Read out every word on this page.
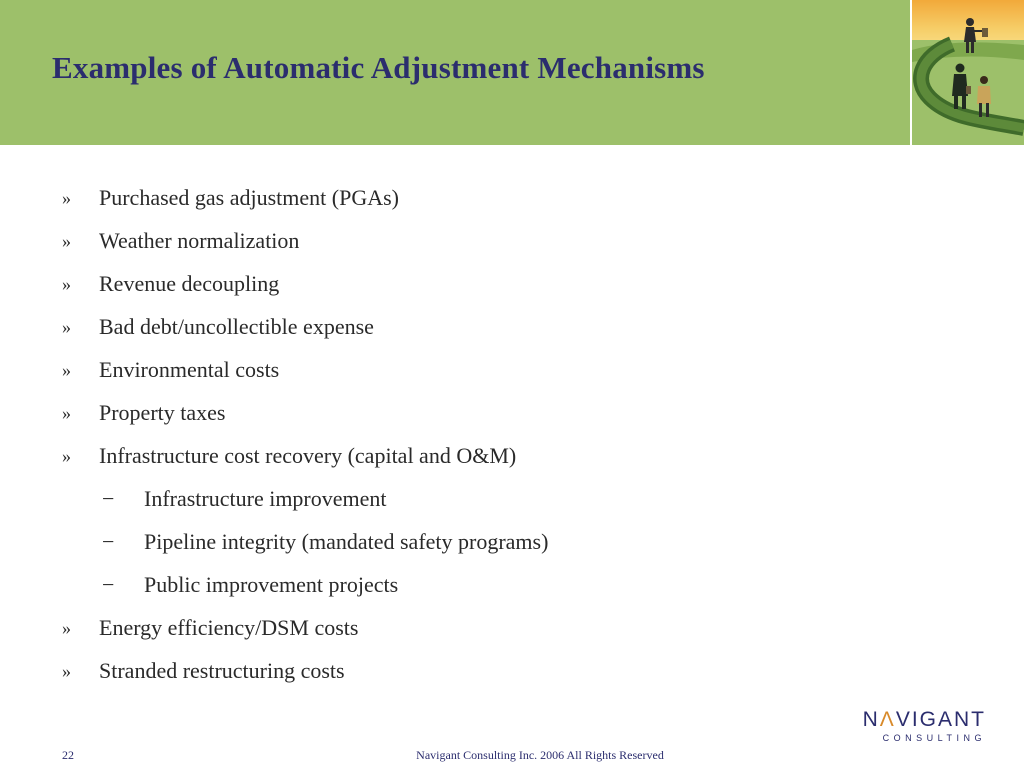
Examples of Automatic Adjustment Mechanisms
» Purchased gas adjustment (PGAs)
» Weather normalization
» Revenue decoupling
» Bad debt/uncollectible expense
» Environmental costs
» Property taxes
» Infrastructure cost recovery (capital and O&M)
− Infrastructure improvement
− Pipeline integrity (mandated safety programs)
− Public improvement projects
» Energy efficiency/DSM costs
» Stranded restructuring costs
NΛVIGANT
CONSULTING
22	Navigant Consulting Inc. 2006 All Rights Reserved
